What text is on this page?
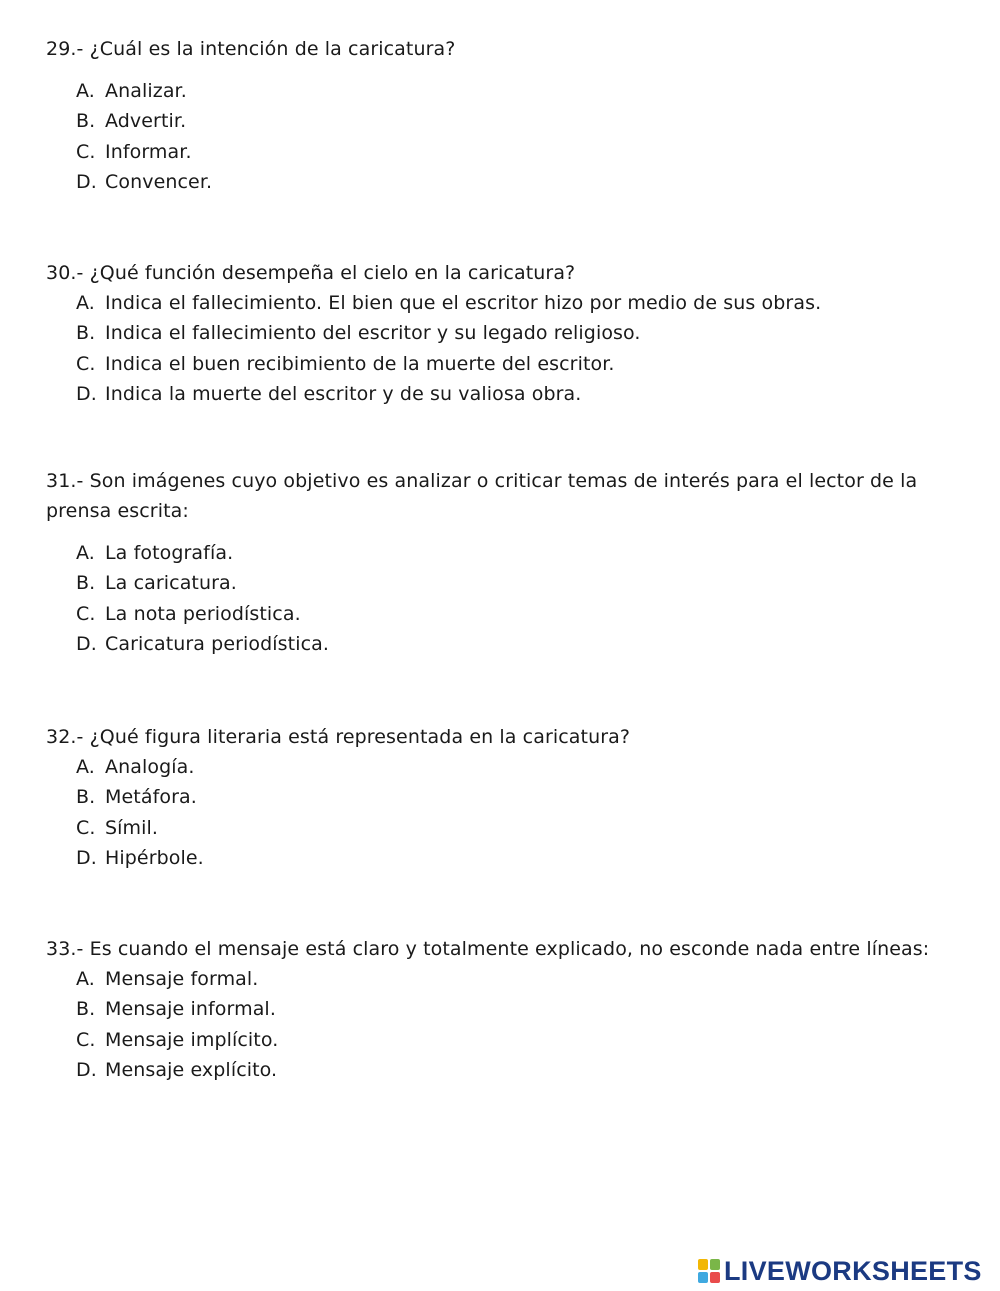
29.- ¿Cuál es la intención de la caricatura?

A. Analizar.
B. Advertir.
C. Informar.
D. Convencer.

30.- ¿Qué función desempeña el cielo en la caricatura?

A. Indica el fallecimiento. El bien que el escritor hizo por medio de sus obras.
B. Indica el fallecimiento del escritor y su legado religioso.
C. Indica el buen recibimiento de la muerte del escritor.
D. Indica la muerte del escritor y de su valiosa obra.

31.- Son imágenes cuyo objetivo es analizar o criticar temas de interés para el lector de la prensa escrita:

A. La fotografía.
B. La caricatura.
C. La nota periodística.
D. Caricatura periodística.

32.- ¿Qué figura literaria está representada en la caricatura?

A. Analogía.
B. Metáfora.
C. Símil.
D. Hipérbole.

33.- Es cuando el mensaje está claro y totalmente explicado, no esconde nada entre líneas:

A. Mensaje formal.
B. Mensaje informal.
C. Mensaje implícito.
D. Mensaje explícito.
LIVEWORKSHEETS
